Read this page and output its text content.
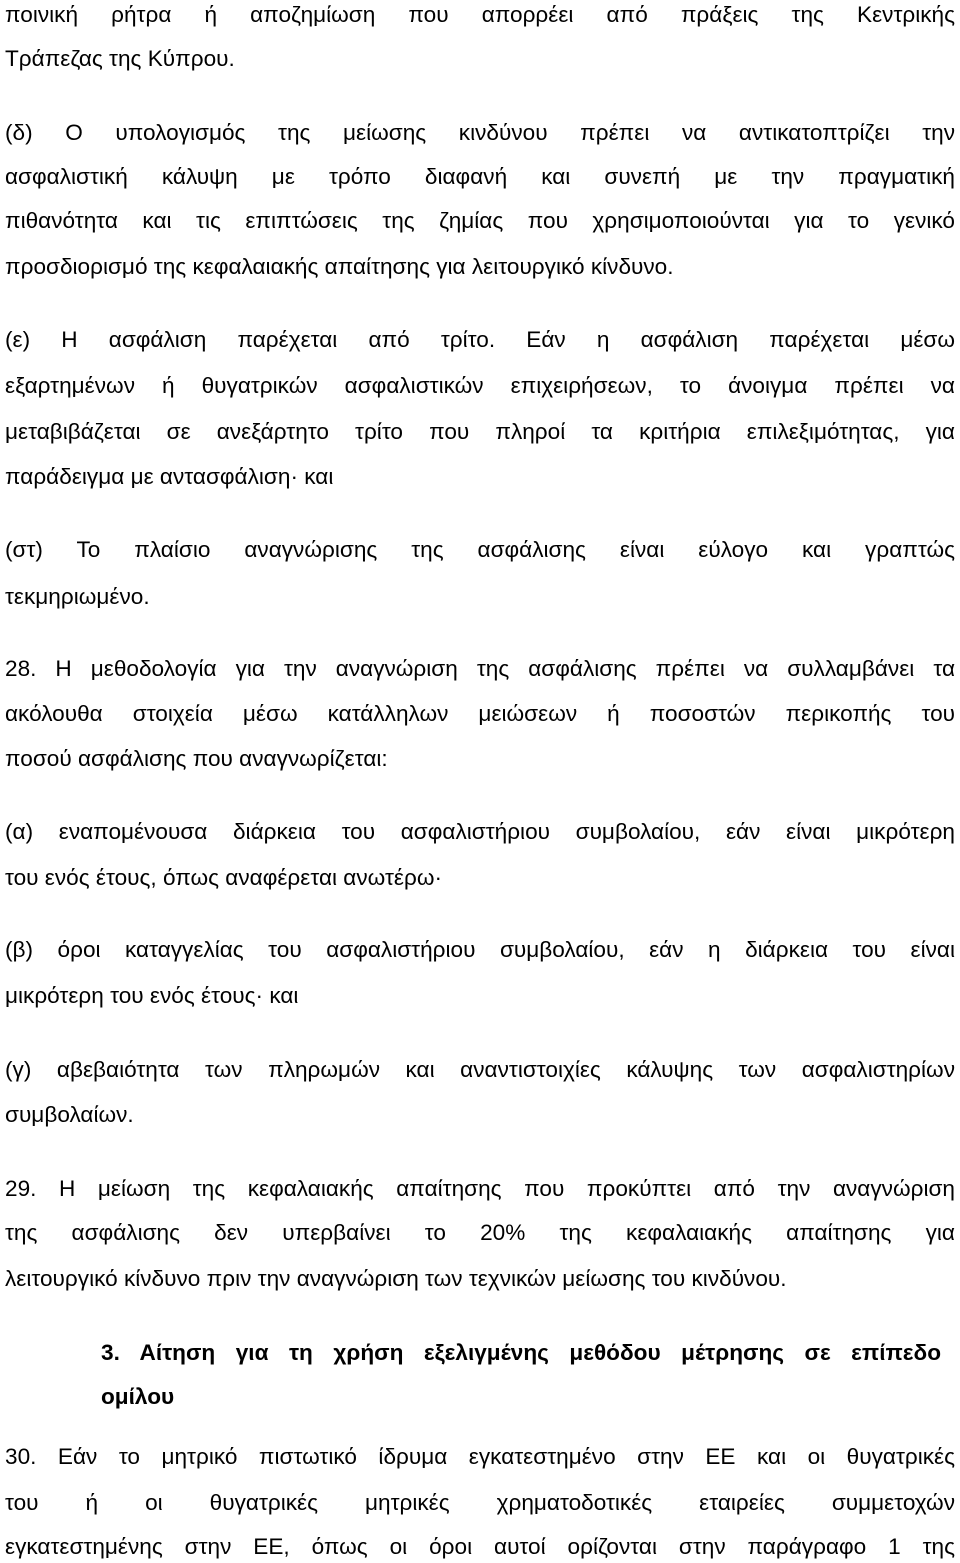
ποινική ρήτρα ή αποζημίωση που απορρέει από πράξεις της Κεντρικής
Τράπεζας της Κύπρου.
(δ) Ο υπολογισμός της μείωσης κινδύνου πρέπει να αντικατοπτρίζει την
ασφαλιστική κάλυψη με τρόπο διαφανή και συνεπή με την πραγματική
πιθανότητα και τις επιπτώσεις της ζημίας που χρησιμοποιούνται για το γενικό
προσδιορισμό της κεφαλαιακής απαίτησης για λειτουργικό κίνδυνο.
(ε) Η ασφάλιση παρέχεται από τρίτο. Εάν η ασφάλιση παρέχεται μέσω
εξαρτημένων ή θυγατρικών ασφαλιστικών επιχειρήσεων, το άνοιγμα πρέπει να
μεταβιβάζεται σε ανεξάρτητο τρίτο που πληροί τα κριτήρια επιλεξιμότητας, για
παράδειγμα με αντασφάλιση· και
(στ) Το πλαίσιο αναγνώρισης της ασφάλισης είναι εύλογο και γραπτώς
τεκμηριωμένο.
28. Η μεθοδολογία για την αναγνώριση της ασφάλισης πρέπει να συλλαμβάνει τα
ακόλουθα στοιχεία μέσω κατάλληλων μειώσεων ή ποσοστών περικοπής του
ποσού ασφάλισης που αναγνωρίζεται:
(α) εναπομένουσα διάρκεια του ασφαλιστήριου συμβολαίου, εάν είναι μικρότερη
του ενός έτους, όπως αναφέρεται ανωτέρω·
(β) όροι καταγγελίας του ασφαλιστήριου συμβολαίου, εάν η διάρκεια του είναι
μικρότερη του ενός έτους· και
(γ) αβεβαιότητα των πληρωμών και αναντιστοιχίες κάλυψης των ασφαλιστηρίων
συμβολαίων.
29. Η μείωση της κεφαλαιακής απαίτησης που προκύπτει από την αναγνώριση
της ασφάλισης δεν υπερβαίνει το 20% της κεφαλαιακής απαίτησης για
λειτουργικό κίνδυνο πριν την αναγνώριση των τεχνικών μείωσης του κινδύνου.
3. Αίτηση για τη χρήση εξελιγμένης μεθόδου μέτρησης σε επίπεδο
ομίλου
30. Εάν το μητρικό πιστωτικό ίδρυμα εγκατεστημένο στην ΕΕ και οι θυγατρικές
του ή οι θυγατρικές μητρικές χρηματοδοτικές εταιρείες συμμετοχών
εγκατεστημένης στην ΕΕ, όπως οι όροι αυτοί ορίζονται στην παράγραφο 1 της
